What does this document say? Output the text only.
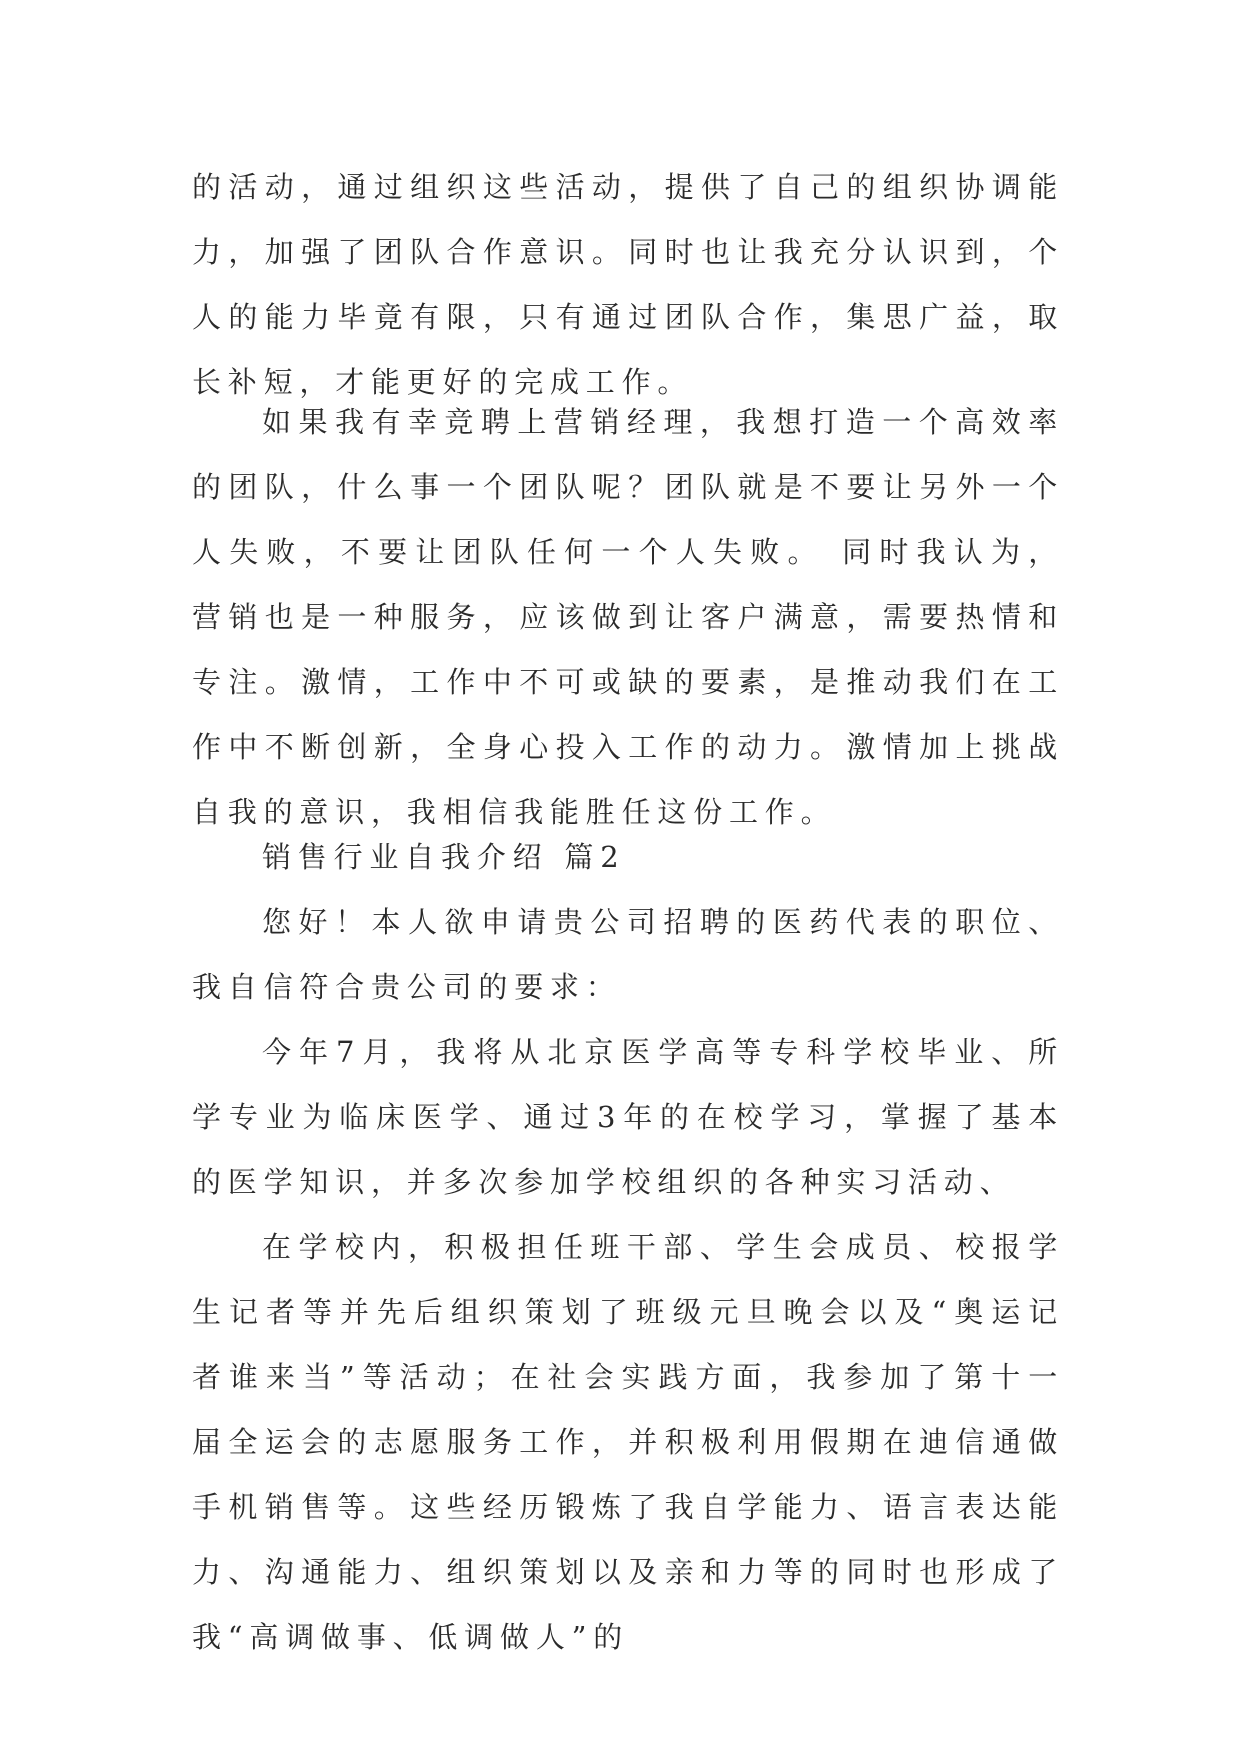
的活动，通过组织这些活动，提供了自己的组织协调能力，加强了团队合作意识。同时也让我充分认识到，个人的能力毕竟有限，只有通过团队合作，集思广益，取长补短，才能更好的完成工作。

如果我有幸竞聘上营销经理，我想打造一个高效率的团队，什么事一个团队呢？团队就是不要让另外一个人失败，不要让团队任何一个人失败。 同时我认为，营销也是一种服务，应该做到让客户满意，需要热情和专注。激情，工作中不可或缺的要素，是推动我们在工作中不断创新，全身心投入工作的动力。激情加上挑战自我的意识，我相信我能胜任这份工作。

销售行业自我介绍 篇2

您好！本人欲申请贵公司招聘的医药代表的职位、我自信符合贵公司的要求：

今年7月，我将从北京医学高等专科学校毕业、所学专业为临床医学、通过3年的在校学习，掌握了基本的医学知识，并多次参加学校组织的各种实习活动、

在学校内，积极担任班干部、学生会成员、校报学生记者等并先后组织策划了班级元旦晚会以及“奥运记者谁来当”等活动；在社会实践方面，我参加了第十一届全运会的志愿服务工作，并积极利用假期在迪信通做手机销售等。这些经历锻炼了我自学能力、语言表达能力、沟通能力、组织策划以及亲和力等的同时也形成了我“高调做事、低调做人”的
